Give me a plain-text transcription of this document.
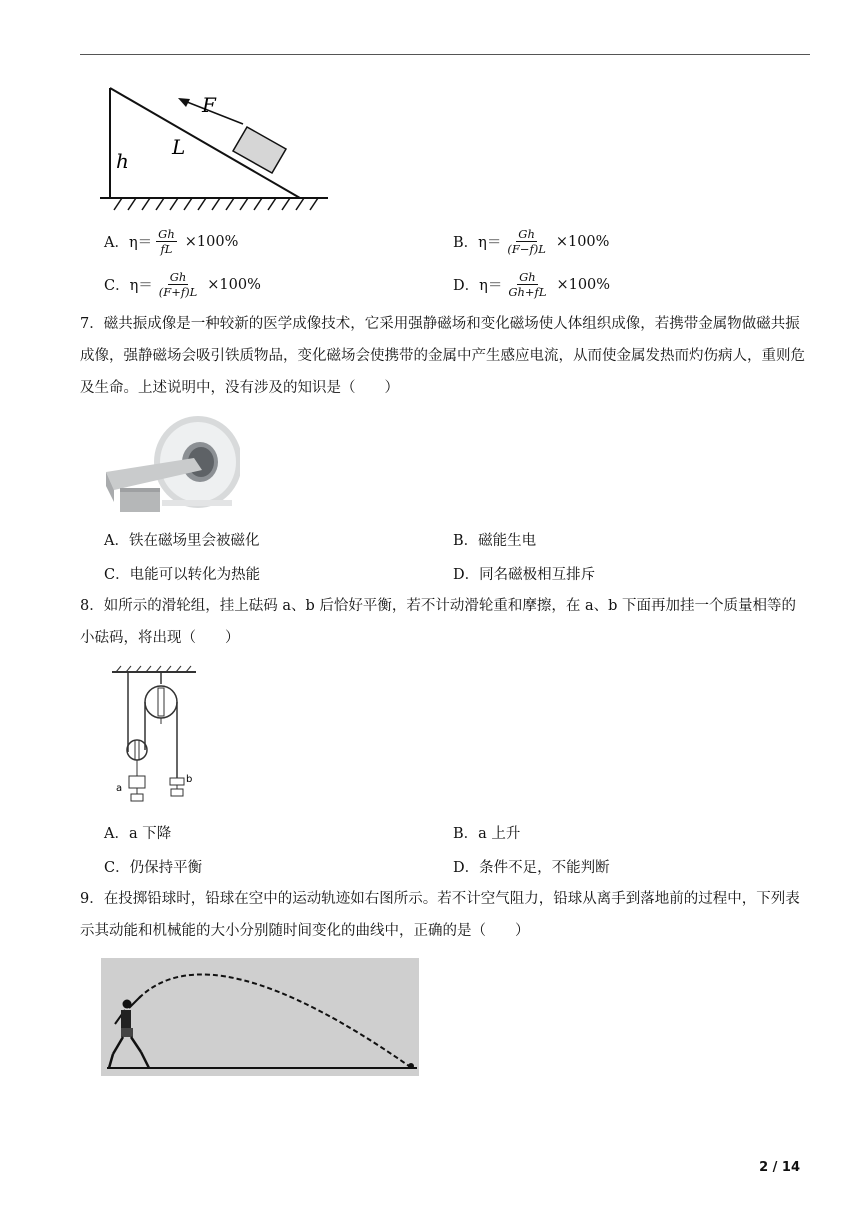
F
L
h
A．$\eta= \frac{Gh}{fL} \times 100\%$	B．$\eta= \frac{Gh}{(F-f)L} \times 100\%$
C．$\eta= \frac{Gh}{(F+f)L} \times 100\%$	D．$\eta= \frac{Gh}{Gh+fL} \times 100\%$

7．磁共振成像是一种较新的医学成像技术，它采用强静磁场和变化磁场使人体组织成像，若携带金属物做磁共振成像，强静磁场会吸引铁质物品，变化磁场会使携带的金属中产生感应电流，从而使金属发热而灼伤病人，重则危及生命。上述说明中，没有涉及的知识是（　　）

A．铁在磁场里会被磁化	B．磁能生电
C．电能可以转化为热能	D．同名磁极相互排斥

8．如所示的滑轮组，挂上砝码 a、b 后恰好平衡，若不计动滑轮重和摩擦，在 a、b 下面再加挂一个质量相等的小砝码，将出现（　　）

a
b
A．a 下降	B．a 上升
C．仍保持平衡	D．条件不足，不能判断

9．在投掷铅球时，铅球在空中的运动轨迹如右图所示。若不计空气阻力，铅球从离手到落地前的过程中，下列表示其动能和机械能的大小分别随时间变化的曲线中，正确的是（　　）

2 / 14
